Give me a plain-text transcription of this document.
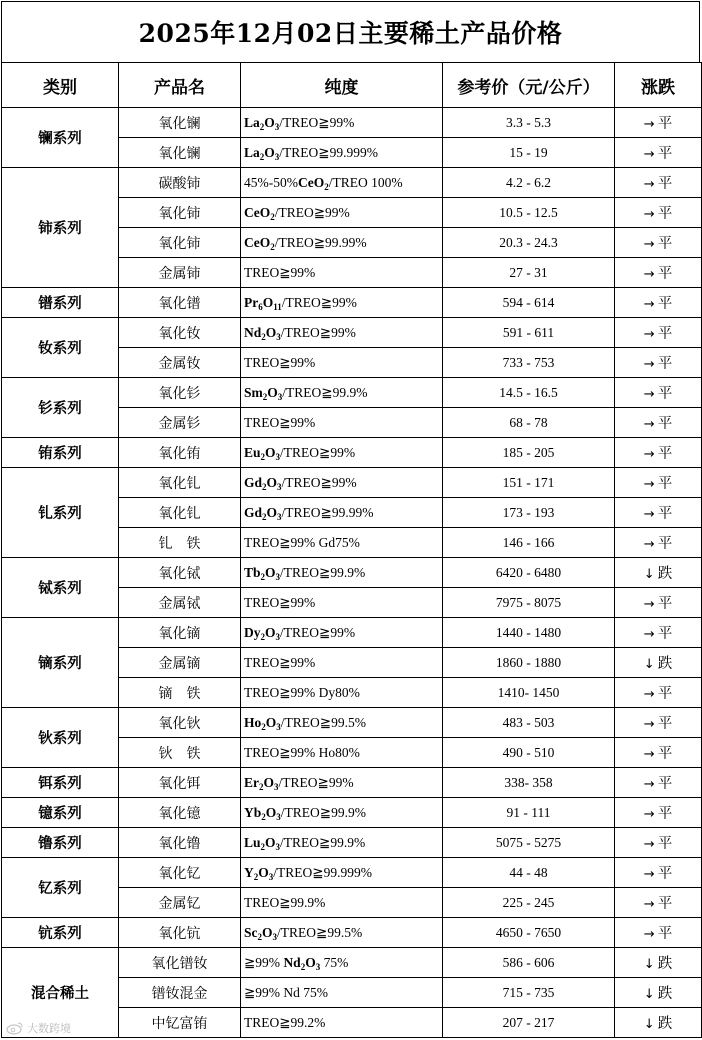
2025年12月02日主要稀土产品价格
类别	产品名	纯度	参考价（元/公斤）	涨跌
镧系列	氧化镧	$La_2O_3/TREO≧99\%$	3.3 - 5.3	→ 平
	氧化镧	$La_2O_3/TREO≧99.999\%$	15 - 19	→ 平
铈系列	碳酸铈	45%-50%CeO$_2$/TREO 100%	4.2 - 6.2	→ 平
	氧化铈	CeO$_2$/TREO≧99%	10.5 - 12.5	→ 平
	氧化铈	CeO$_2$/TREO≧99.99%	20.3 - 24.3	→ 平
	金属铈	TREO≧99%	27 - 31	→ 平
镨系列	氧化镨	$Pr_6O_{11}/TREO≧99\%$	594 - 614	→ 平
钕系列	氧化钕	$Nd_2O_3/TREO≧99\%$	591 - 611	→ 平
	金属钕	TREO≧99%	733 - 753	→ 平
钐系列	氧化钐	$Sm_2O_3/TREO≧99.9\%$	14.5 - 16.5	→ 平
	金属钐	TREO≧99%	68 - 78	→ 平
铕系列	氧化铕	$Eu_2O_3/TREO≧99\%$	185 - 205	→ 平
钆系列	氧化钆	$Gd_2O_3/TREO≧99\%$	151 - 171	→ 平
	氧化钆	$Gd_2O_3/TREO≧99.99\%$	173 - 193	→ 平
	钆　铁	TREO≧99% Gd75%	146 - 166	→ 平
铽系列	氧化铽	$Tb_2O_3/TREO≧99.9\%$	6420 - 6480	↓ 跌
	金属铽	TREO≧99%	7975 - 8075	→ 平
镝系列	氧化镝	$Dy_2O_3/TREO≧99\%$	1440 - 1480	→ 平
	金属镝	TREO≧99%	1860 - 1880	↓ 跌
	镝　铁	TREO≧99% Dy80%	1410- 1450	→ 平
钬系列	氧化钬	$Ho_2O_3/TREO≧99.5\%$	483 - 503	→ 平
	钬　铁	TREO≧99% Ho80%	490 - 510	→ 平
铒系列	氧化铒	$Er_2O_3/TREO≧99\%$	338- 358	→ 平
镱系列	氧化镱	$Yb_2O_3/TREO≧99.9\%$	91 - 111	→ 平
镥系列	氧化镥	$Lu_2O_3/TREO≧99.9\%$	5075 - 5275	→ 平
钇系列	氧化钇	$Y_2O_3/TREO≧99.999\%$	44 - 48	→ 平
	金属钇	TREO≧99.9%	225 - 245	→ 平
钪系列	氧化钪	$Sc_2O_3/TREO≧99.5\%$	4650 - 7650	→ 平
混合稀土	氧化镨钕	≧99% $Nd_2O_3$ 75%	586 - 606	↓ 跌
	镨钕混金	≧99% Nd 75%	715 - 735	↓ 跌
	中钇富铕	TREO≧99.2%	207 - 217	↓ 跌
大数跨境
